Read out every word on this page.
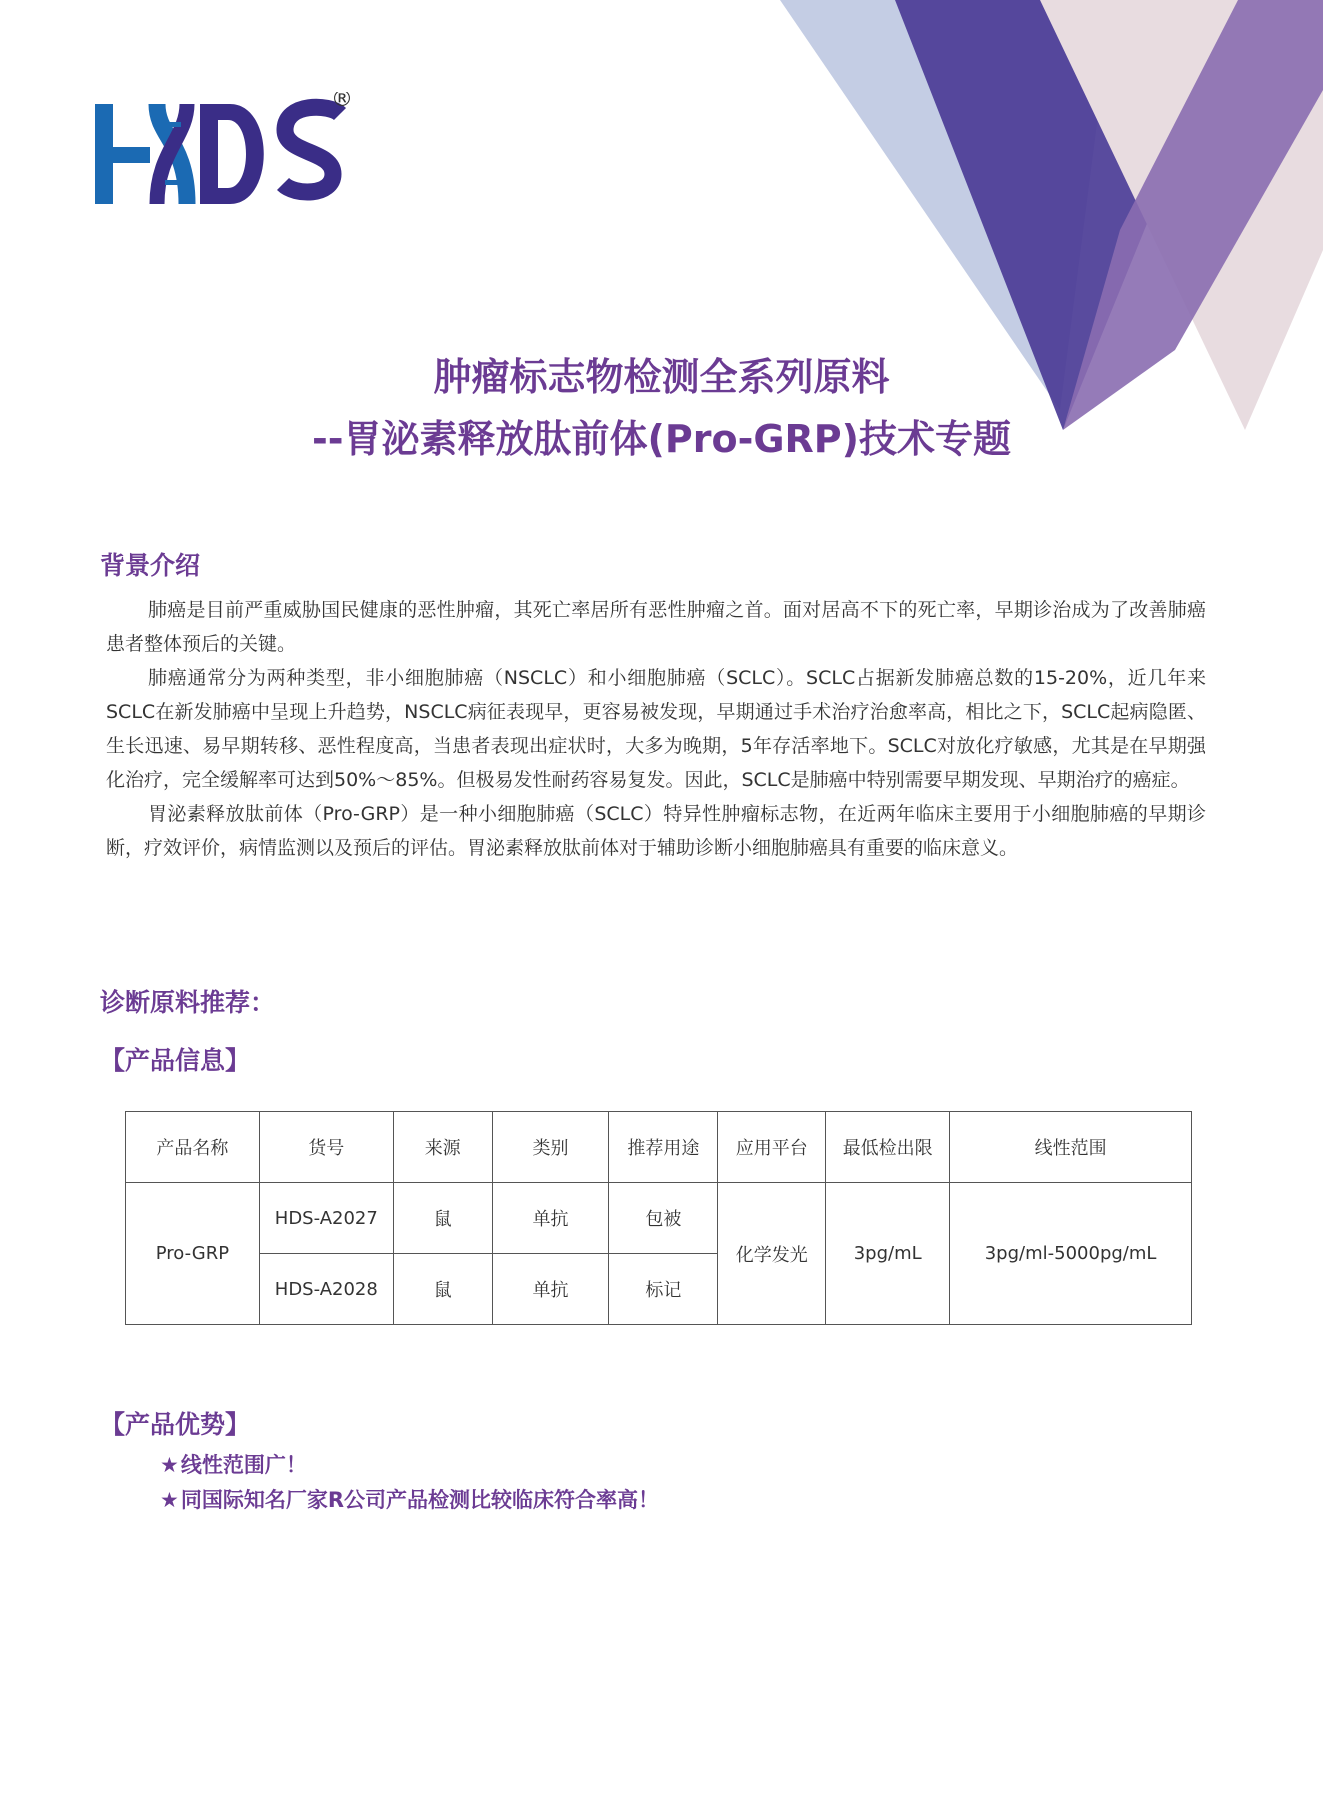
®
肿瘤标志物检测全系列原料
--胃泌素释放肽前体(Pro-GRP)技术专题
背景介绍

肺癌是目前严重威胁国民健康的恶性肿瘤，其死亡率居所有恶性肿瘤之首。面对居高不下的死亡率，早期诊治成为了改善肺癌患者整体预后的关键。

肺癌通常分为两种类型，非小细胞肺癌（NSCLC）和小细胞肺癌（SCLC）。SCLC占据新发肺癌总数的15-20%，近几年来SCLC在新发肺癌中呈现上升趋势，NSCLC病征表现早，更容易被发现，早期通过手术治疗治愈率高，相比之下，SCLC起病隐匿、生长迅速、易早期转移、恶性程度高，当患者表现出症状时，大多为晚期，5年存活率地下。SCLC对放化疗敏感，尤其是在早期强化治疗，完全缓解率可达到50%～85%。但极易发性耐药容易复发。因此，SCLC是肺癌中特别需要早期发现、早期治疗的癌症。

胃泌素释放肽前体（Pro-GRP）是一种小细胞肺癌（SCLC）特异性肿瘤标志物，在近两年临床主要用于小细胞肺癌的早期诊断，疗效评价，病情监测以及预后的评估。胃泌素释放肽前体对于辅助诊断小细胞肺癌具有重要的临床意义。

诊断原料推荐：
【产品信息】
产品名称	货号	来源	类别	推荐用途	应用平台	最低检出限	线性范围
Pro-GRP	HDS-A2027	鼠	单抗	包被	化学发光	3pg/mL	3pg/ml-5000pg/mL
	HDS-A2028	鼠	单抗	标记			
【产品优势】
★线性范围广！
★同国际知名厂家R公司产品检测比较临床符合率高！
